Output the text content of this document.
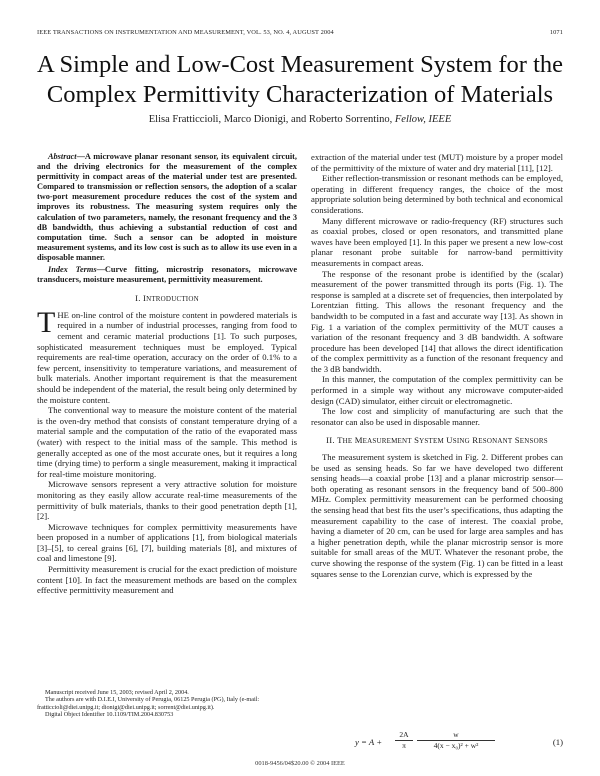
IEEE TRANSACTIONS ON INSTRUMENTATION AND MEASUREMENT, VOL. 53, NO. 4, AUGUST 2004	1071
A Simple and Low-Cost Measurement System for the Complex Permittivity Characterization of Materials
Elisa Fratticcioli, Marco Dionigi, and Roberto Sorrentino, Fellow, IEEE

Abstract—A microwave planar resonant sensor, its equivalent circuit, and the driving electronics for the measurement of the complex permittivity in compact areas of the material under test are presented. Compared to transmission or reflection sensors, the adoption of a scalar two-port measurement procedure reduces the cost of the system and improves its robustness. The measuring system requires only the calculation of two parameters, namely, the resonant frequency and the 3 dB bandwidth, thus achieving a substantial reduction of cost and computation time. Such a sensor can be adopted in moisture measurement systems, and its low cost is such as to allow its use even in a disposable manner.

Index Terms—Curve fitting, microstrip resonators, microwave transducers, moisture measurement, permittivity measurement.

I. INTRODUCTION

THE on-line control of the moisture content in powdered materials is required in a number of industrial processes, ranging from food to cement and ceramic material productions [1]. To such purposes, sophisticated measurement techniques must be employed. Typical requirements are real-time operation, accuracy on the order of 0.1% to a few percent, insensitivity to temperature variations, and measurement of bulk materials. Another important requirement is that the measurement should be independent of the material, the result being only determined by the moisture content.

The conventional way to measure the moisture content of the material is the oven-dry method that consists of constant temperature drying of a material sample and the computation of the ratio of the evaporated mass (water) with respect to the initial mass of the sample. This method is generally accepted as one of the most accurate ones, but it requires a long time (drying time) to perform a single measurement, making it impractical for real-time moisture monitoring.

Microwave sensors represent a very attractive solution for moisture monitoring as they easily allow accurate real-time measurements of the permittivity of bulk materials, thanks to their good penetration depth [1], [2].

Microwave techniques for complex permittivity measurements have been proposed in a number of applications [1], from biological materials [3]–[5], to cereal grains [6], [7], building materials [8], and mixtures of coal and limestone [9].

Permittivity measurement is crucial for the exact prediction of moisture content [10]. In fact the measurement methods are based on the complex effective permittivity measurement and

Manuscript received June 15, 2003; revised April 2, 2004.
The authors are with D.I.E.I, University of Perugia, 06125 Perugia (PG), Italy (e-mail: fratticcioli@diei.unipg.it; dionigi@diei.unipg.it; sorrent@diei.unipg.it).
Digital Object Identifier 10.1109/TIM.2004.830753

extraction of the material under test (MUT) moisture by a proper model of the permittivity of the mixture of water and dry material [11], [12].

Either reflection-transmission or resonant methods can be employed, operating in different frequency ranges, the choice of the most appropriate solution being determined by both technical and economical considerations.

Many different microwave or radio-frequency (RF) structures such as coaxial probes, closed or open resonators, and transmitted plane waves have been employed [1]. In this paper we present a new low-cost planar resonant probe suitable for narrow-band permittivity measurements in compact areas.

The response of the resonant probe is identified by the (scalar) measurement of the power transmitted through its ports (Fig. 1). The response is sampled at a discrete set of frequencies, then interpolated by Lorentzian fitting. This allows the resonant frequency and the bandwidth to be computed in a fast and accurate way [13]. As shown in Fig. 1 a variation of the complex permittivity of the MUT causes a variation of the resonant frequency and 3 dB bandwidth. A software procedure has been developed [14] that allows the direct identification of the complex permittivity as a function of the resonant frequency and the 3 dB bandwidth.

In this manner, the computation of the complex permittivity can be performed in a simple way without any microwave computer-aided design (CAD) simulator, either circuit or electromagnetic.

The low cost and simplicity of manufacturing are such that the resonator can also be used in disposable manner.

II. THE MEASUREMENT SYSTEM USING RESONANT SENSORS

The measurement system is sketched in Fig. 2. Different probes can be used as sensing heads. So far we have developed two different sensing heads—a coaxial probe [13] and a planar microstrip sensor—both operating as resonant sensors in the frequency band of 500–800 MHz. Complex permittivity measurement can be performed choosing the sensing head that best fits the user’s specifications, thus adapting the measurement capability to the case of interest. The coaxial probe, having a diameter of 20 cm, can be used for large area samples and has a higher penetration depth, while the planar microstrip sensor is more suitable for small areas of the MUT. Whatever the resonant probe, the curve showing the response of the system (Fig. 1) can be fitted in a least squares sense to the Lorenzian curve, which is expressed by the

y = A +
2A
π
w
4(x − x₀)² + w²	(1)
0018-9456/04$20.00 © 2004 IEEE
